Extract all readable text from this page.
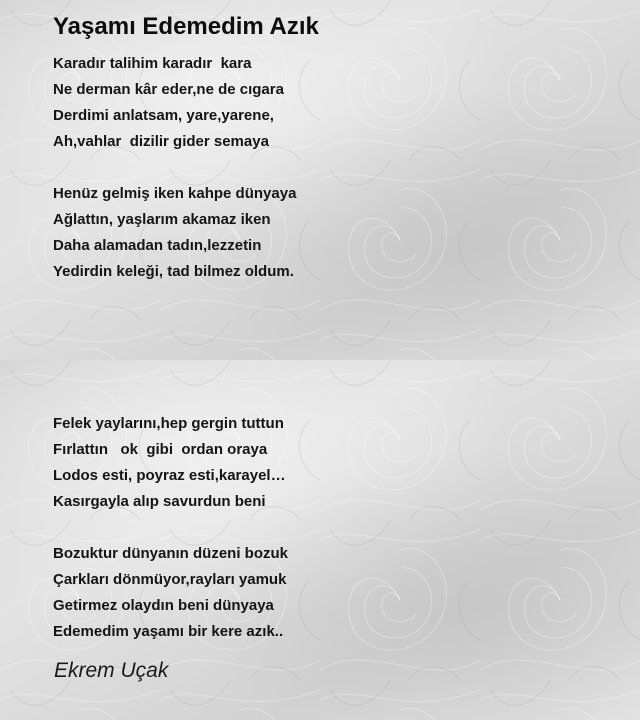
Yaşamı Edemedim Azık
Karadır talihim karadır  kara
Ne derman kâr eder,ne de cıgara
Derdimi anlatsam, yare,yarene,
Ah,vahlar  dizilir gider semaya
Henüz gelmiş iken kahpe dünyaya
Ağlattın, yaşlarım akamaz iken
Daha alamadan tadın,lezzetin
Yedirdin keleği, tad bilmez oldum.
Felek yaylarını,hep gergin tuttun
Fırlattın   ok  gibi  ordan oraya
Lodos esti, poyraz esti,karayel…
Kasırgayla alıp savurdun beni
Bozuktur dünyanın düzeni bozuk
Çarkları dönmüyor,rayları yamuk
Getirmez olaydın beni dünyaya
Edemedim yaşamı bir kere azık..

Ekrem Uçak
